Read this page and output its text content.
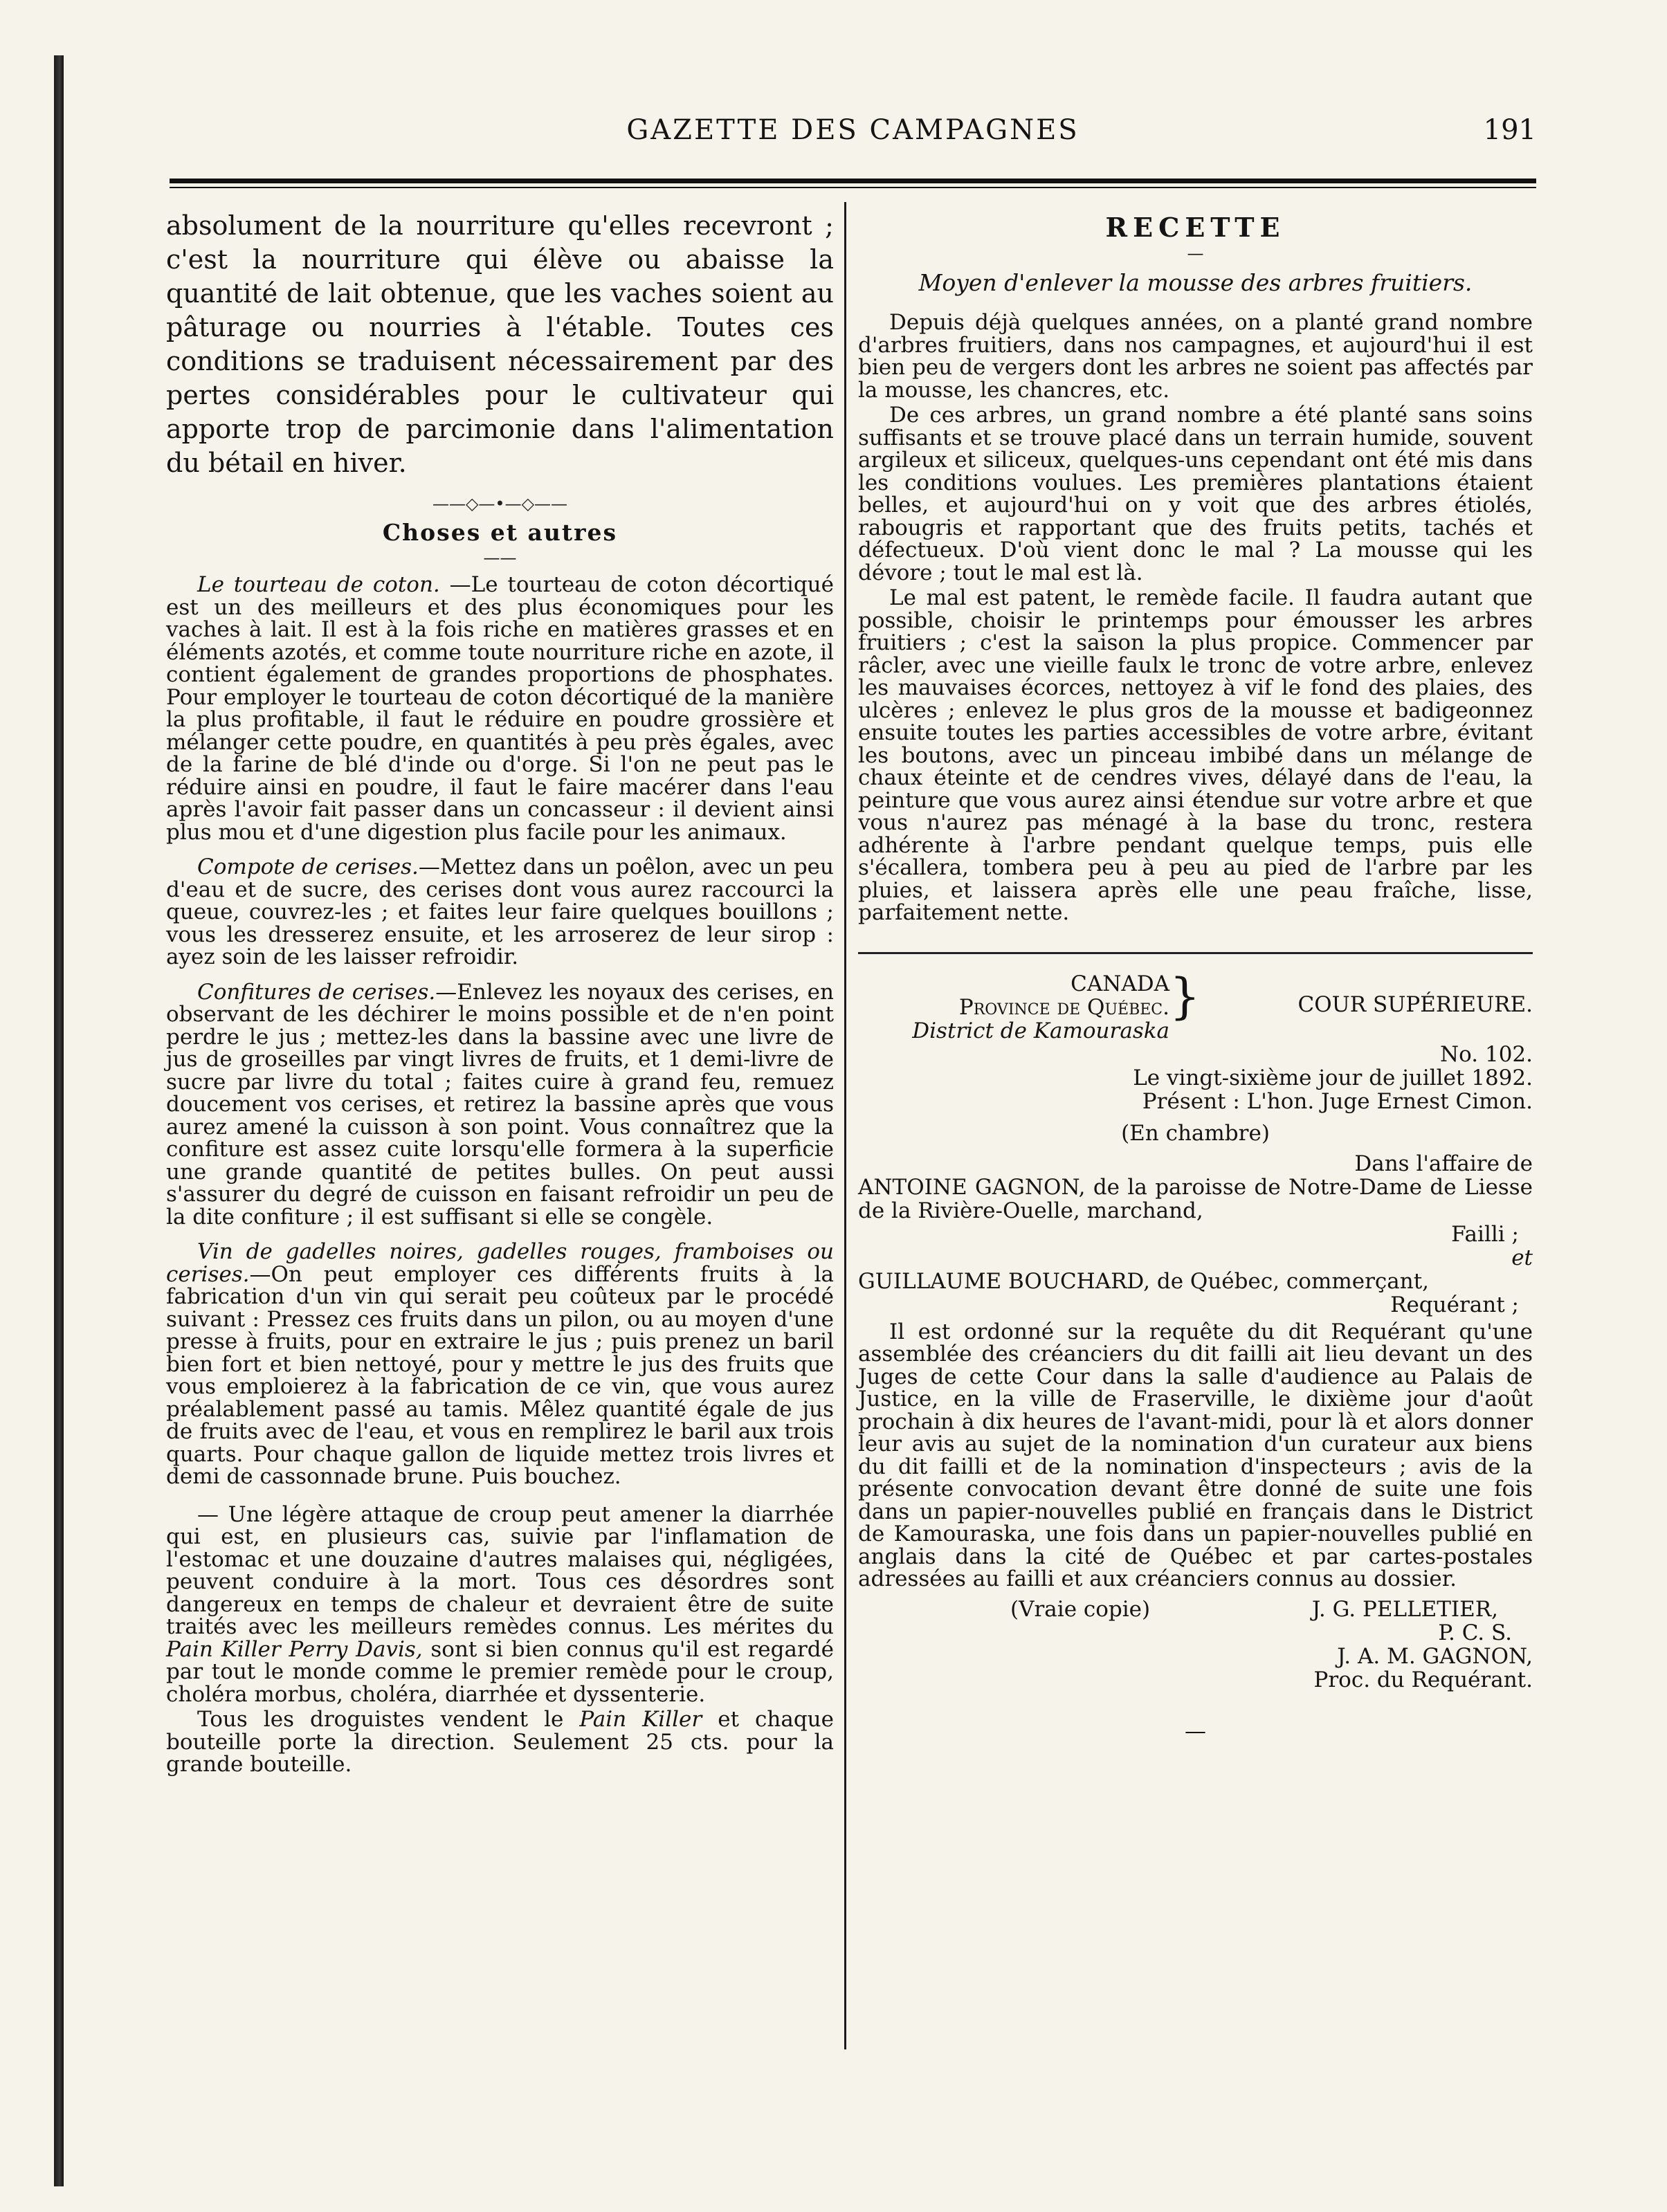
GAZETTE DES CAMPAGNES	191

absolument de la nourriture qu'elles recevront ; c'est la nourriture qui élève ou abaisse la quantité de lait obtenue, que les vaches soient au pâturage ou nourries à l'étable. Toutes ces conditions se traduisent nécessairement par des pertes considérables pour le cultivateur qui apporte trop de parcimonie dans l'alimentation du bétail en hiver.

——◇—•—◇——
Choses et autres
——

Le tourteau de coton. —Le tourteau de coton décortiqué est un des meilleurs et des plus économiques pour les vaches à lait. Il est à la fois riche en matières grasses et en éléments azotés, et comme toute nourriture riche en azote, il contient également de grandes proportions de phosphates. Pour employer le tourteau de coton décortiqué de la manière la plus profitable, il faut le réduire en poudre grossière et mélanger cette poudre, en quantités à peu près égales, avec de la farine de blé d'inde ou d'orge. Si l'on ne peut pas le réduire ainsi en poudre, il faut le faire macérer dans l'eau après l'avoir fait passer dans un concasseur : il devient ainsi plus mou et d'une digestion plus facile pour les animaux.

Compote de cerises.—Mettez dans un poêlon, avec un peu d'eau et de sucre, des cerises dont vous aurez raccourci la queue, couvrez-les ; et faites leur faire quelques bouillons ; vous les dresserez ensuite, et les arroserez de leur sirop : ayez soin de les laisser refroidir.

Confitures de cerises.—Enlevez les noyaux des cerises, en observant de les déchirer le moins possible et de n'en point perdre le jus ; mettez-les dans la bassine avec une livre de jus de groseilles par vingt livres de fruits, et 1 demi-livre de sucre par livre du total ; faites cuire à grand feu, remuez doucement vos cerises, et retirez la bassine après que vous aurez amené la cuisson à son point. Vous connaîtrez que la confiture est assez cuite lorsqu'elle formera à la superficie une grande quantité de petites bulles. On peut aussi s'assurer du degré de cuisson en faisant refroidir un peu de la dite confiture ; il est suffisant si elle se congèle.

Vin de gadelles noires, gadelles rouges, framboises ou cerises.—On peut employer ces différents fruits à la fabrication d'un vin qui serait peu coûteux par le procédé suivant : Pressez ces fruits dans un pilon, ou au moyen d'une presse à fruits, pour en extraire le jus ; puis prenez un baril bien fort et bien nettoyé, pour y mettre le jus des fruits que vous emploierez à la fabrication de ce vin, que vous aurez préalablement passé au tamis. Mêlez quantité égale de jus de fruits avec de l'eau, et vous en remplirez le baril aux trois quarts. Pour chaque gallon de liquide mettez trois livres et demi de cassonnade brune. Puis bouchez.

— Une légère attaque de croup peut amener la diarrhée qui est, en plusieurs cas, suivie par l'inflamation de l'estomac et une douzaine d'autres malaises qui, négligées, peuvent conduire à la mort. Tous ces désordres sont dangereux en temps de chaleur et devraient être de suite traités avec les meilleurs remèdes connus. Les mérites du Pain Killer Perry Davis, sont si bien connus qu'il est regardé par tout le monde comme le premier remède pour le croup, choléra morbus, choléra, diarrhée et dyssenterie.

Tous les droguistes vendent le Pain Killer et chaque bouteille porte la direction. Seulement 25 cts. pour la grande bouteille.

RECETTE
—
Moyen d'enlever la mousse des arbres fruitiers.

Depuis déjà quelques années, on a planté grand nombre d'arbres fruitiers, dans nos campagnes, et aujourd'hui il est bien peu de vergers dont les arbres ne soient pas affectés par la mousse, les chancres, etc.

De ces arbres, un grand nombre a été planté sans soins suffisants et se trouve placé dans un terrain humide, souvent argileux et siliceux, quelques-uns cependant ont été mis dans les conditions voulues. Les premières plantations étaient belles, et aujourd'hui on y voit que des arbres étiolés, rabougris et rapportant que des fruits petits, tachés et défectueux. D'où vient donc le mal ? La mousse qui les dévore ; tout le mal est là.

Le mal est patent, le remède facile. Il faudra autant que possible, choisir le printemps pour émousser les arbres fruitiers ; c'est la saison la plus propice. Commencer par râcler, avec une vieille faulx le tronc de votre arbre, enlevez les mauvaises écorces, nettoyez à vif le fond des plaies, des ulcères ; enlevez le plus gros de la mousse et badigeonnez ensuite toutes les parties accessibles de votre arbre, évitant les boutons, avec un pinceau imbibé dans un mélange de chaux éteinte et de cendres vives, délayé dans de l'eau, la peinture que vous aurez ainsi étendue sur votre arbre et que vous n'aurez pas ménagé à la base du tronc, restera adhérente à l'arbre pendant quelque temps, puis elle s'écallera, tombera peu à peu au pied de l'arbre par les pluies, et laissera après elle une peau fraîche, lisse, parfaitement nette.

CANADA
Province de Québec.
District de Kamouraska
}	COUR SUPÉRIEURE.
No. 102.
Le vingt-sixième jour de juillet 1892.
Présent : L'hon. Juge Ernest Cimon.
(En chambre)
Dans l'affaire de

ANTOINE GAGNON, de la paroisse de Notre-Dame de Liesse de la Rivière-Ouelle, marchand,

Failli ;
et

GUILLAUME BOUCHARD, de Québec, commerçant,

Requérant ;

Il est ordonné sur la requête du dit Requérant qu'une assemblée des créanciers du dit failli ait lieu devant un des Juges de cette Cour dans la salle d'audience au Palais de Justice, en la ville de Fraserville, le dixième jour d'août prochain à dix heures de l'avant-midi, pour là et alors donner leur avis au sujet de la nomination d'un curateur aux biens du dit failli et de la nomination d'inspecteurs ; avis de la présente convocation devant être donné de suite une fois dans un papier-nouvelles publié en français dans le District de Kamouraska, une fois dans un papier-nouvelles publié en anglais dans la cité de Québec et par cartes-postales adressées au failli et aux créanciers connus au dossier.

(Vraie copie)	J. G. PELLETIER,
P. C. S.
J. A. M. GAGNON,
Proc. du Requérant.
—
